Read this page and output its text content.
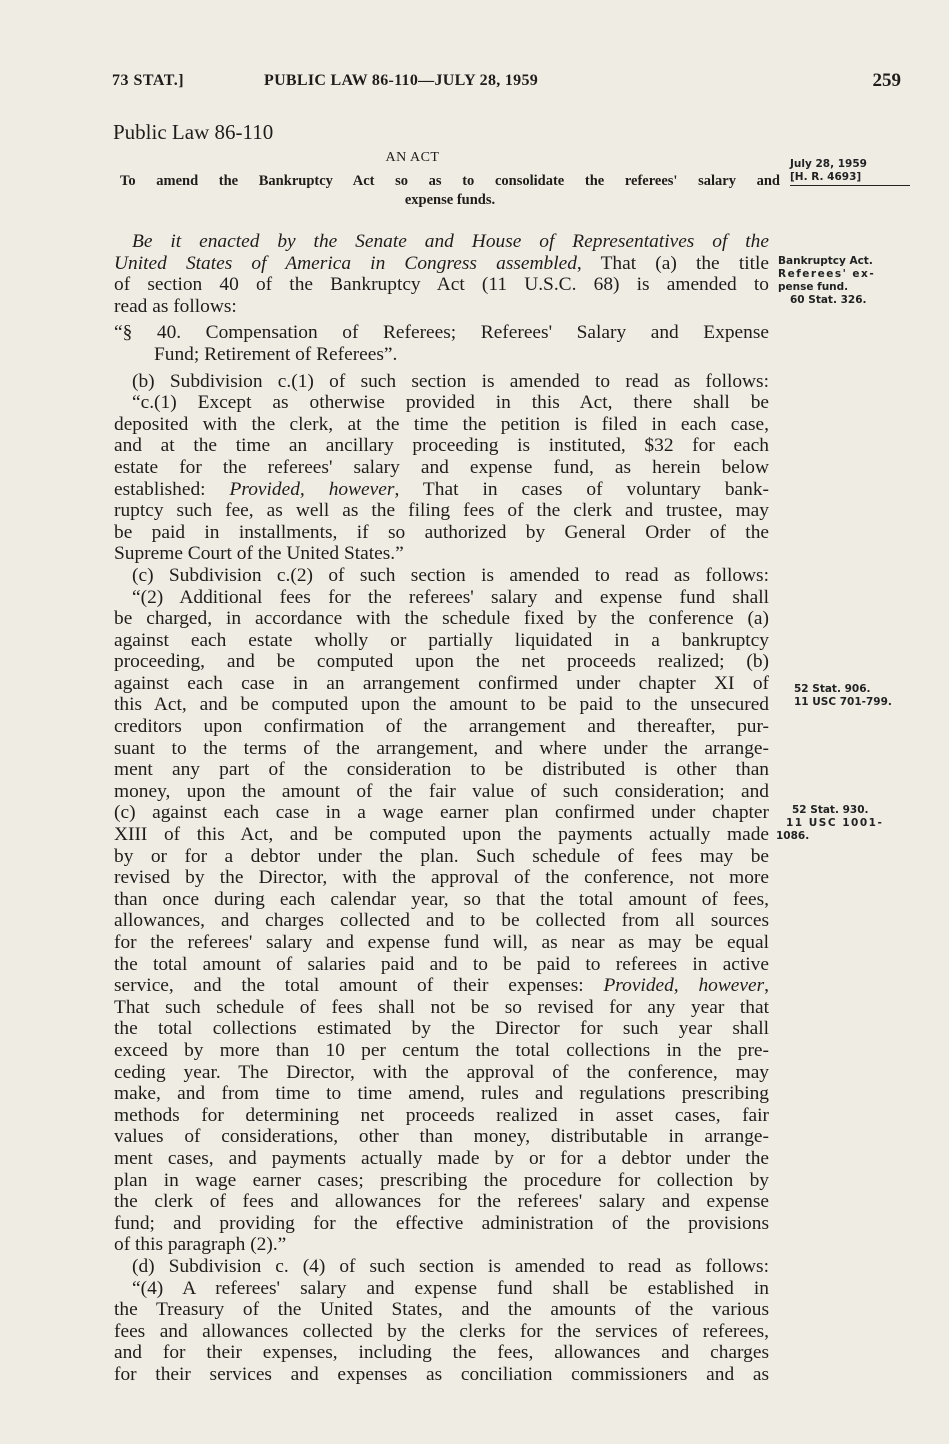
73 STAT.]	PUBLIC LAW 86-110—JULY 28, 1959	259
Public Law 86-110
AN ACT
To amend the Bankruptcy Act so as to consolidate the referees' salary and
expense funds.
July 28, 1959
[H. R. 4693]
Bankruptcy Act.
Referees' ex-
pense fund.
60 Stat. 326.
52 Stat. 906.
11 USC 701-799.
52 Stat. 930.
11 USC 1001-
1086.
Be it enacted by the Senate and House of Representatives of the
United States of America in Congress assembled, That (a) the title
of section 40 of the Bankruptcy Act (11 U.S.C. 68) is amended to
read as follows:
“§ 40. Compensation of Referees; Referees' Salary and Expense
Fund; Retirement of Referees”.
(b) Subdivision c.(1) of such section is amended to read as follows:
“c.(1) Except as otherwise provided in this Act, there shall be
deposited with the clerk, at the time the petition is filed in each case,
and at the time an ancillary proceeding is instituted, $32 for each
estate for the referees' salary and expense fund, as herein below
established: Provided, however, That in cases of voluntary bank-
ruptcy such fee, as well as the filing fees of the clerk and trustee, may
be paid in installments, if so authorized by General Order of the
Supreme Court of the United States.”
(c) Subdivision c.(2) of such section is amended to read as follows:
“(2) Additional fees for the referees' salary and expense fund shall
be charged, in accordance with the schedule fixed by the conference (a)
against each estate wholly or partially liquidated in a bankruptcy
proceeding, and be computed upon the net proceeds realized; (b)
against each case in an arrangement confirmed under chapter XI of
this Act, and be computed upon the amount to be paid to the unsecured
creditors upon confirmation of the arrangement and thereafter, pur-
suant to the terms of the arrangement, and where under the arrange-
ment any part of the consideration to be distributed is other than
money, upon the amount of the fair value of such consideration; and
(c) against each case in a wage earner plan confirmed under chapter
XIII of this Act, and be computed upon the payments actually made
by or for a debtor under the plan. Such schedule of fees may be
revised by the Director, with the approval of the conference, not more
than once during each calendar year, so that the total amount of fees,
allowances, and charges collected and to be collected from all sources
for the referees' salary and expense fund will, as near as may be equal
the total amount of salaries paid and to be paid to referees in active
service, and the total amount of their expenses: Provided, however,
That such schedule of fees shall not be so revised for any year that
the total collections estimated by the Director for such year shall
exceed by more than 10 per centum the total collections in the pre-
ceding year. The Director, with the approval of the conference, may
make, and from time to time amend, rules and regulations prescribing
methods for determining net proceeds realized in asset cases, fair
values of considerations, other than money, distributable in arrange-
ment cases, and payments actually made by or for a debtor under the
plan in wage earner cases; prescribing the procedure for collection by
the clerk of fees and allowances for the referees' salary and expense
fund; and providing for the effective administration of the provisions
of this paragraph (2).”
(d) Subdivision c. (4) of such section is amended to read as follows:
“(4) A referees' salary and expense fund shall be established in
the Treasury of the United States, and the amounts of the various
fees and allowances collected by the clerks for the services of referees,
and for their expenses, including the fees, allowances and charges
for their services and expenses as conciliation commissioners and as
